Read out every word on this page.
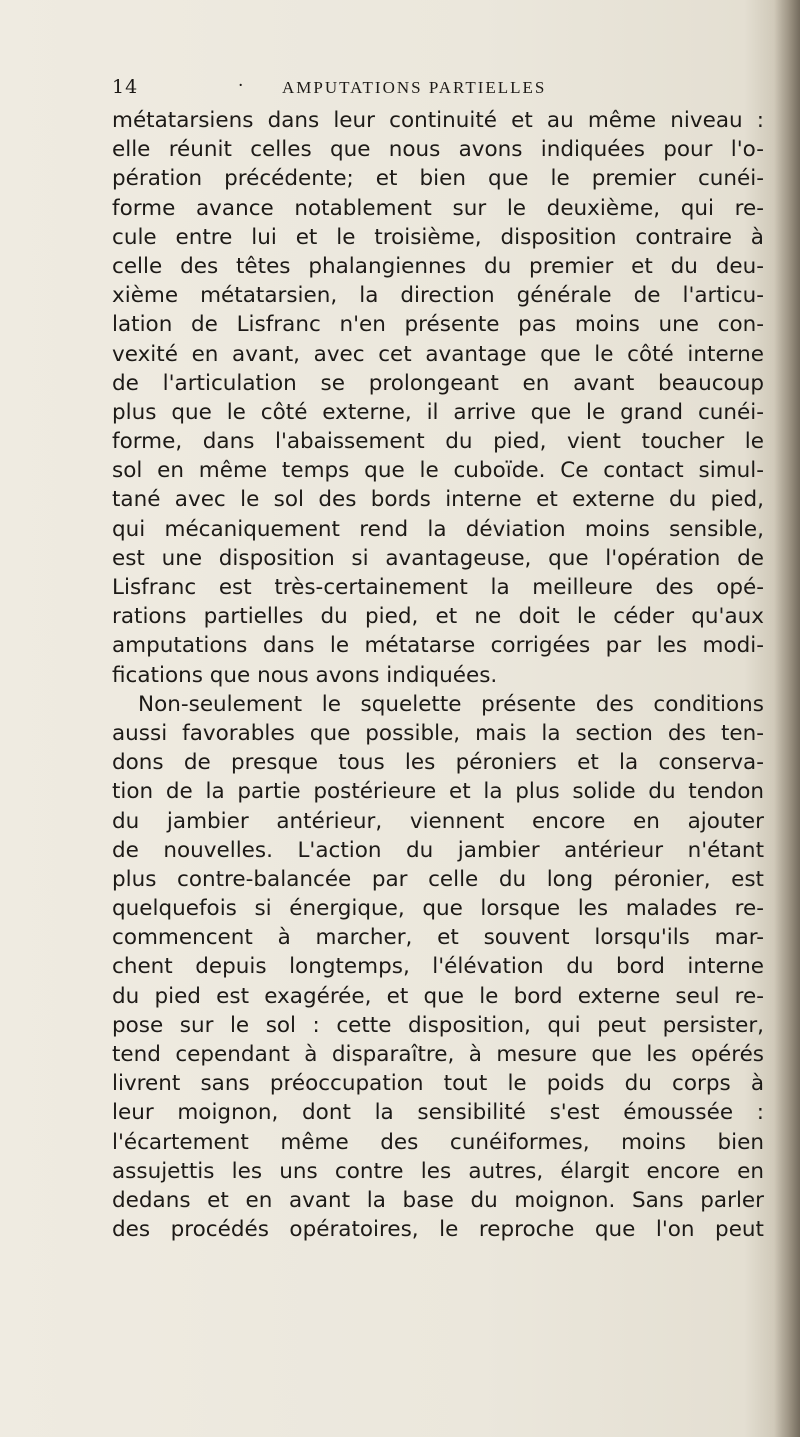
14	· AMPUTATIONS PARTIELLES
métatarsiens dans leur continuité et au même niveau :
elle réunit celles que nous avons indiquées pour l'o-
pération précédente; et bien que le premier cunéi-
forme avance notablement sur le deuxième, qui re-
cule entre lui et le troisième, disposition contraire à
celle des têtes phalangiennes du premier et du deu-
xième métatarsien, la direction générale de l'articu-
lation de Lisfranc n'en présente pas moins une con-
vexité en avant, avec cet avantage que le côté interne
de l'articulation se prolongeant en avant beaucoup
plus que le côté externe, il arrive que le grand cunéi-
forme, dans l'abaissement du pied, vient toucher le
sol en même temps que le cuboïde. Ce contact simul-
tané avec le sol des bords interne et externe du pied,
qui mécaniquement rend la déviation moins sensible,
est une disposition si avantageuse, que l'opération de
Lisfranc est très-certainement la meilleure des opé-
rations partielles du pied, et ne doit le céder qu'aux
amputations dans le métatarse corrigées par les modi-
fications que nous avons indiquées.
Non-seulement le squelette présente des conditions
aussi favorables que possible, mais la section des ten-
dons de presque tous les péroniers et la conserva-
tion de la partie postérieure et la plus solide du tendon
du jambier antérieur, viennent encore en ajouter
de nouvelles. L'action du jambier antérieur n'étant
plus contre-balancée par celle du long péronier, est
quelquefois si énergique, que lorsque les malades re-
commencent à marcher, et souvent lorsqu'ils mar-
chent depuis longtemps, l'élévation du bord interne
du pied est exagérée, et que le bord externe seul re-
pose sur le sol : cette disposition, qui peut persister,
tend cependant à disparaître, à mesure que les opérés
livrent sans préoccupation tout le poids du corps à
leur moignon, dont la sensibilité s'est émoussée :
l'écartement même des cunéiformes, moins bien
assujettis les uns contre les autres, élargit encore en
dedans et en avant la base du moignon. Sans parler
des procédés opératoires, le reproche que l'on peut
